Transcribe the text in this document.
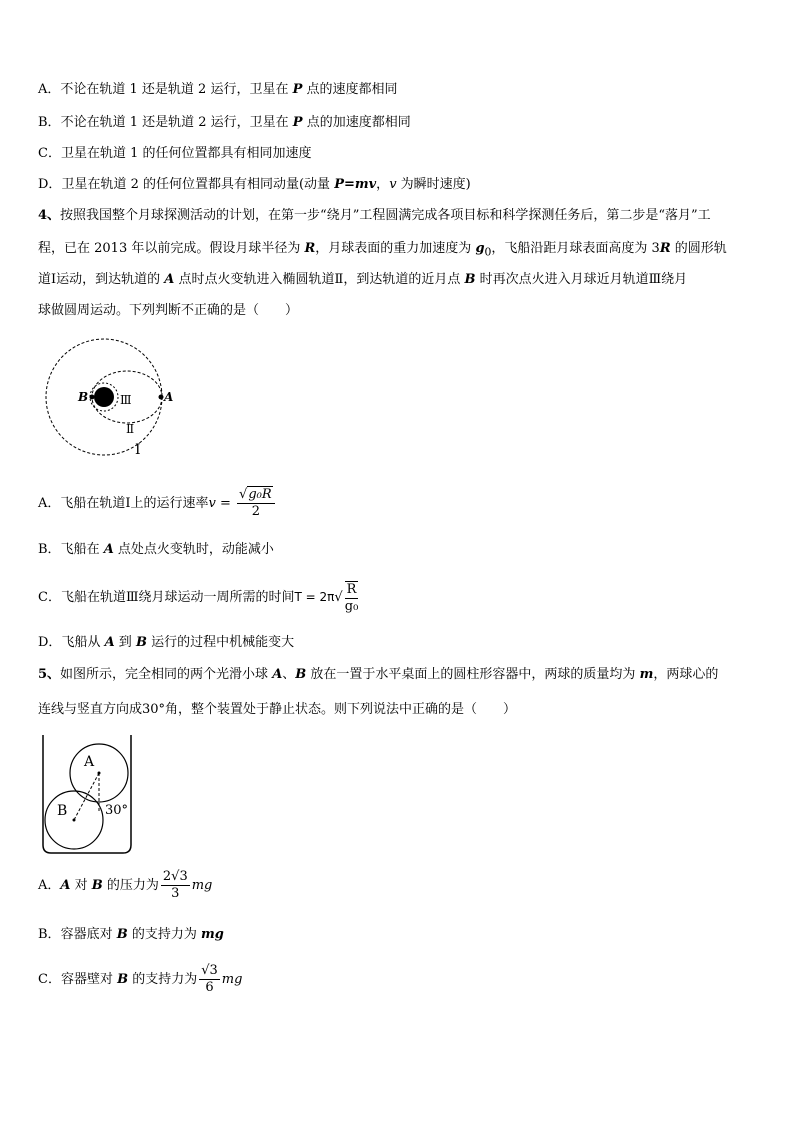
A．不论在轨道 1 还是轨道 2 运行，卫星在 P 点的速度都相同
B．不论在轨道 1 还是轨道 2 运行，卫星在 P 点的加速度都相同
C．卫星在轨道 1 的任何位置都具有相同加速度
D．卫星在轨道 2 的任何位置都具有相同动量(动量 P=mv，v 为瞬时速度)
4、按照我国整个月球探测活动的计划，在第一步“绕月”工程圆满完成各项目标和科学探测任务后，第二步是“落月”工
程，已在 2013 年以前完成。假设月球半径为 R，月球表面的重力加速度为 $g_0$，飞船沿距月球表面高度为 3R 的圆形轨
道Ⅰ运动，到达轨道的 A 点时点火变轨进入椭圆轨道Ⅱ，到达轨道的近月点 B 时再次点火进入月球近月轨道Ⅲ绕月
球做圆周运动。下列判断不正确的是（　　）
B	A
Ⅲ
Ⅱ
Ⅰ
A．飞船在轨道Ⅰ上的运行速率$v = \frac{\text{√g₀R}}{2}$
B．飞船在 A 点处点火变轨时，动能减小
C．飞船在轨道Ⅲ绕月球运动一周所需的时间$T = 2\pi√ \frac{R}{\text{g₀}}$
D．飞船从 A 到 B 运行的过程中机械能变大
5、如图所示，完全相同的两个光滑小球 A、B 放在一置于水平桌面上的圆柱形容器中，两球的质量均为 m，两球心的
连线与竖直方向成30°角，整个装置处于静止状态。则下列说法中正确的是（　　）
A
B	30°
A．A 对 B 的压力为 $\frac{2√3}{3}$ mg
B．容器底对 B 的支持力为 mg
C．容器壁对 B 的支持力为 $\frac{√3}{6}$ mg
